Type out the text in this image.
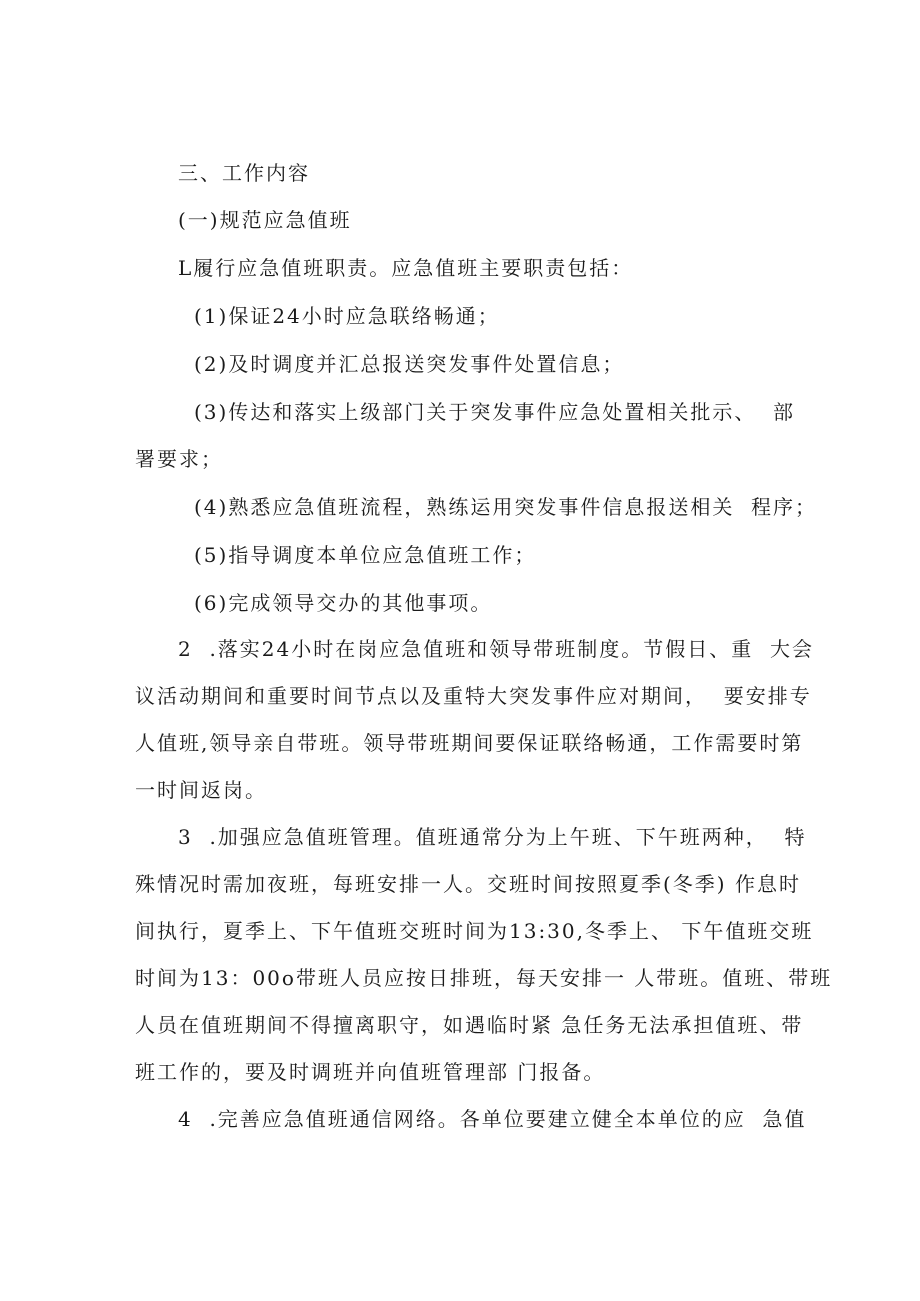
三、工作内容
(一)规范应急值班
L履行应急值班职责。应急值班主要职责包括：
(1)保证24小时应急联络畅通；
(2)及时调度并汇总报送突发事件处置信息；
(3)传达和落实上级部门关于突发事件应急处置相关批示、  部
署要求；
(4)熟悉应急值班流程，熟练运用突发事件信息报送相关  程序；
(5)指导调度本单位应急值班工作；
(6)完成领导交办的其他事项。
2  .落实24小时在岗应急值班和领导带班制度。节假日、重  大会
议活动期间和重要时间节点以及重特大突发事件应对期间，  要安排专
人值班,领导亲自带班。领导带班期间要保证联络畅通，工作需要时第
一时间返岗。
3  .加强应急值班管理。值班通常分为上午班、下午班两种，  特
殊情况时需加夜班，每班安排一人。交班时间按照夏季(冬季) 作息时
间执行，夏季上、下午值班交班时间为13:30,冬季上、 下午值班交班
时间为13：00o带班人员应按日排班，每天安排一 人带班。值班、带班
人员在值班期间不得擅离职守，如遇临时紧 急任务无法承担值班、带
班工作的，要及时调班并向值班管理部 门报备。
4  .完善应急值班通信网络。各单位要建立健全本单位的应  急值
